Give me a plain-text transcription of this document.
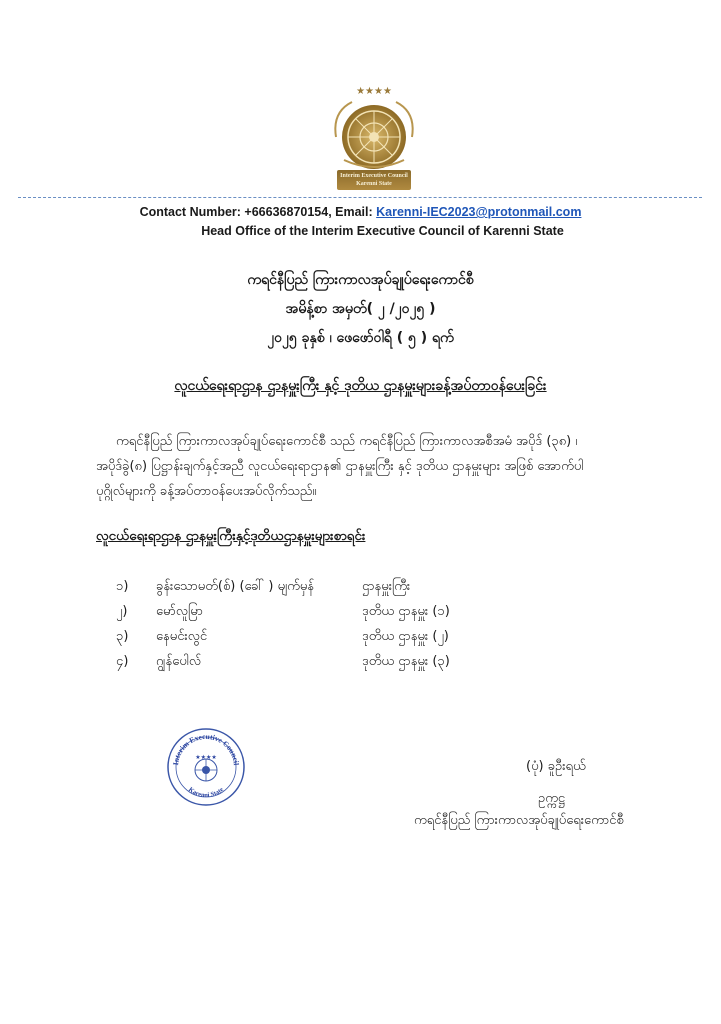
★★★★
Interim Executive Council
Karenni State
Contact Number: +66636870154, Email: Karenni-IEC2023@protonmail.com
Head Office of the Interim Executive Council of Karenni State
ကရင်နီပြည် ကြားကာလအုပ်ချုပ်ရေးကောင်စီ
အမိန့်စာ အမှတ်( ၂ /၂၀၂၅ )
၂၀၂၅ ခုနှစ် ၊ ဖေဖော်ဝါရီ ( ၅ ) ရက်
လူငယ်ရေးရာဌာန ဌာနမှူးကြီး နှင့် ဒုတိယ ဌာနမှူးများခန့်အပ်တာဝန်ပေးခြင်း
ကရင်နီပြည် ကြားကာလအုပ်ချုပ်ရေးကောင်စီ သည် ကရင်နီပြည် ကြားကာလအစီအမံ အပိုဒ် (၃၈) ၊
အပိုဒ်ခွဲ(၈) ပြဋ္ဌာန်းချက်နှင့်အညီ လူငယ်ရေးရာဌာန၏ ဌာနမှူးကြီး နှင့် ဒုတိယ ဌာနမှူးများ အဖြစ် အောက်ပါ
ပုဂ္ဂိုလ်များကို ခန့်အပ်တာဝန်ပေးအပ်လိုက်သည်။
လူငယ်ရေးရာဌာန ဌာနမှူးကြီးနှင့်ဒုတိယဌာနမှူးများစာရင်း
၁) ခွန်းသောမတ်(စ်) (ခေါ် ) မျက်မှန်	ဌာနမှူးကြီး
၂) မော်လူမြာ	ဒုတိယ ဌာနမှူး (၁)
၃) နေမင်းလွင်	ဒုတိယ ဌာနမှူး (၂)
၄) ဂျွန်ပေါလ်	ဒုတိယ ဌာနမှူး (၃)
Interim Executive Council
Karenni State
★★★★
(ပုံ) ခူဦးရယ်
ဥက္ကဋ္ဌ
ကရင်နီပြည် ကြားကာလအုပ်ချုပ်ရေးကောင်စီ
